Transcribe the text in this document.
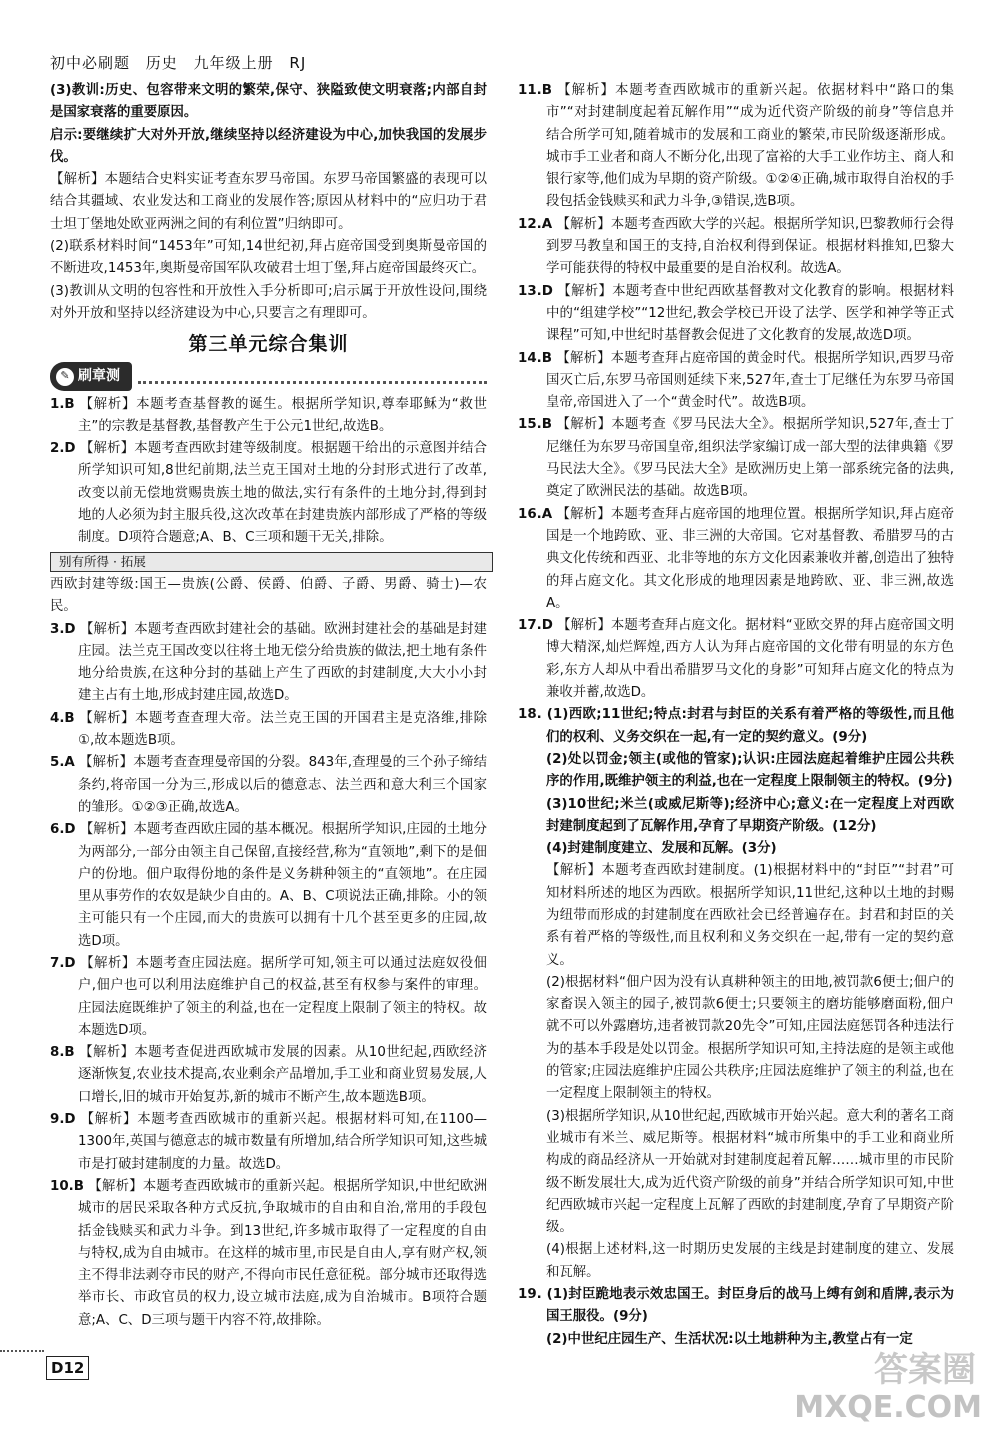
初中必刷题 历史 九年级上册 RJ
(3)教训:历史、包容带来文明的繁荣,保守、狭隘致使文明衰落;内部自封是国家衰落的重要原因。
启示:要继续扩大对外开放,继续坚持以经济建设为中心,加快我国的发展步伐。
【解析】本题结合史料实证考查东罗马帝国。东罗马帝国繁盛的表现可以结合其疆域、农业发达和工商业的发展作答;原因从材料中的“应归功于君士坦丁堡地处欧亚两洲之间的有利位置”归纳即可。
(2)联系材料时间“1453年”可知,14世纪初,拜占庭帝国受到奥斯曼帝国的不断进攻,1453年,奥斯曼帝国军队攻破君士坦丁堡,拜占庭帝国最终灭亡。
(3)教训从文明的包容性和开放性入手分析即可;启示属于开放性设问,围绕对外开放和坚持以经济建设为中心,只要言之有理即可。
第三单元综合集训
✎ 刷章测
1.B 【解析】本题考查基督教的诞生。根据所学知识,尊奉耶稣为“救世主”的宗教是基督教,基督教产生于公元1世纪,故选B。
2.D 【解析】本题考查西欧封建等级制度。根据题干给出的示意图并结合所学知识可知,8世纪前期,法兰克王国对土地的分封形式进行了改革,改变以前无偿地赏赐贵族土地的做法,实行有条件的土地分封,得到封地的人必须为封主服兵役,这次改革在封建贵族内部形成了严格的等级制度。D项符合题意;A、B、C三项和题干无关,排除。
别有所得 · 拓展
西欧封建等级:国王—贵族(公爵、侯爵、伯爵、子爵、男爵、骑士)—农民。
3.D 【解析】本题考查西欧封建社会的基础。欧洲封建社会的基础是封建庄园。法兰克王国改变以往将土地无偿分给贵族的做法,把土地有条件地分给贵族,在这种分封的基础上产生了西欧的封建制度,大大小小封建主占有土地,形成封建庄园,故选D。
4.B 【解析】本题考查查理大帝。法兰克王国的开国君主是克洛维,排除①,故本题选B项。
5.A 【解析】本题考查查理曼帝国的分裂。843年,查理曼的三个孙子缔结条约,将帝国一分为三,形成以后的德意志、法兰西和意大利三个国家的雏形。①②③正确,故选A。
6.D 【解析】本题考查西欧庄园的基本概况。根据所学知识,庄园的土地分为两部分,一部分由领主自己保留,直接经营,称为“直领地”,剩下的是佃户的份地。佃户取得份地的条件是义务耕种领主的“直领地”。在庄园里从事劳作的农奴是缺少自由的。A、B、C项说法正确,排除。小的领主可能只有一个庄园,而大的贵族可以拥有十几个甚至更多的庄园,故选D项。
7.D 【解析】本题考查庄园法庭。据所学可知,领主可以通过法庭奴役佃户,佃户也可以利用法庭维护自己的权益,甚至有权参与案件的审理。庄园法庭既维护了领主的利益,也在一定程度上限制了领主的特权。故本题选D项。
8.B 【解析】本题考查促进西欧城市发展的因素。从10世纪起,西欧经济逐渐恢复,农业技术提高,农业剩余产品增加,手工业和商业贸易发展,人口增长,旧的城市开始复苏,新的城市不断产生,故本题选B项。
9.D 【解析】本题考查西欧城市的重新兴起。根据材料可知,在1100—1300年,英国与德意志的城市数量有所增加,结合所学知识可知,这些城市是打破封建制度的力量。故选D。
10.B 【解析】本题考查西欧城市的重新兴起。根据所学知识,中世纪欧洲城市的居民采取各种方式反抗,争取城市的自由和自治,常用的手段包括金钱赎买和武力斗争。到13世纪,许多城市取得了一定程度的自由与特权,成为自由城市。在这样的城市里,市民是自由人,享有财产权,领主不得非法剥夺市民的财产,不得向市民任意征税。部分城市还取得选举市长、市政官员的权力,设立城市法庭,成为自治城市。B项符合题意;A、C、D三项与题干内容不符,故排除。
11.B 【解析】本题考查西欧城市的重新兴起。依据材料中“路口的集市”“对封建制度起着瓦解作用”“成为近代资产阶级的前身”等信息并结合所学可知,随着城市的发展和工商业的繁荣,市民阶级逐渐形成。城市手工业者和商人不断分化,出现了富裕的大手工业作坊主、商人和银行家等,他们成为早期的资产阶级。①②④正确,城市取得自治权的手段包括金钱赎买和武力斗争,③错误,选B项。
12.A 【解析】本题考查西欧大学的兴起。根据所学知识,巴黎教师行会得到罗马教皇和国王的支持,自治权利得到保证。根据材料推知,巴黎大学可能获得的特权中最重要的是自治权利。故选A。
13.D 【解析】本题考查中世纪西欧基督教对文化教育的影响。根据材料中的“组建学校”“12世纪,教会学校已开设了法学、医学和神学等正式课程”可知,中世纪时基督教会促进了文化教育的发展,故选D项。
14.B 【解析】本题考查拜占庭帝国的黄金时代。根据所学知识,西罗马帝国灭亡后,东罗马帝国则延续下来,527年,查士丁尼继任为东罗马帝国皇帝,帝国进入了一个“黄金时代”。故选B项。
15.B 【解析】本题考查《罗马民法大全》。根据所学知识,527年,查士丁尼继任为东罗马帝国皇帝,组织法学家编订成一部大型的法律典籍《罗马民法大全》。《罗马民法大全》是欧洲历史上第一部系统完备的法典,奠定了欧洲民法的基础。故选B项。
16.A 【解析】本题考查拜占庭帝国的地理位置。根据所学知识,拜占庭帝国是一个地跨欧、亚、非三洲的大帝国。它对基督教、希腊罗马的古典文化传统和西亚、北非等地的东方文化因素兼收并蓄,创造出了独特的拜占庭文化。其文化形成的地理因素是地跨欧、亚、非三洲,故选A。
17.D 【解析】本题考查拜占庭文化。据材料“亚欧交界的拜占庭帝国文明博大精深,灿烂辉煌,西方人认为拜占庭帝国的文化带有明显的东方色彩,东方人却从中看出希腊罗马文化的身影”可知拜占庭文化的特点为兼收并蓄,故选D。
18. (1)西欧;11世纪;特点:封君与封臣的关系有着严格的等级性,而且他们的权利、义务交织在一起,有一定的契约意义。(9分)
(2)处以罚金;领主(或他的管家);认识:庄园法庭起着维护庄园公共秩序的作用,既维护领主的利益,也在一定程度上限制领主的特权。(9分)
(3)10世纪;米兰(或威尼斯等);经济中心;意义:在一定程度上对西欧封建制度起到了瓦解作用,孕育了早期资产阶级。(12分)
(4)封建制度建立、发展和瓦解。(3分)
【解析】本题考查西欧封建制度。(1)根据材料中的“封臣”“封君”可知材料所述的地区为西欧。根据所学知识,11世纪,这种以土地的封赐为纽带而形成的封建制度在西欧社会已经普遍存在。封君和封臣的关系有着严格的等级性,而且权利和义务交织在一起,带有一定的契约意义。
(2)根据材料“佃户因为没有认真耕种领主的田地,被罚款6便士;佃户的家畜误入领主的园子,被罚款6便士;只要领主的磨坊能够磨面粉,佃户就不可以外露磨坊,违者被罚款20先令”可知,庄园法庭惩罚各种违法行为的基本手段是处以罚金。根据所学知识可知,主持法庭的是领主或他的管家;庄园法庭维护庄园公共秩序;庄园法庭维护了领主的利益,也在一定程度上限制领主的特权。
(3)根据所学知识,从10世纪起,西欧城市开始兴起。意大利的著名工商业城市有米兰、威尼斯等。根据材料“城市所集中的手工业和商业所构成的商品经济从一开始就对封建制度起着瓦解……城市里的市民阶级不断发展壮大,成为近代资产阶级的前身”并结合所学知识可知,中世纪西欧城市兴起一定程度上瓦解了西欧的封建制度,孕育了早期资产阶级。
(4)根据上述材料,这一时期历史发展的主线是封建制度的建立、发展和瓦解。
19. (1)封臣跪地表示效忠国王。封臣身后的战马上缚有剑和盾牌,表示为国王服役。(9分)
(2)中世纪庄园生产、生活状况:以土地耕种为主,教堂占有一定
D12	答案圈
MXQE.COM
